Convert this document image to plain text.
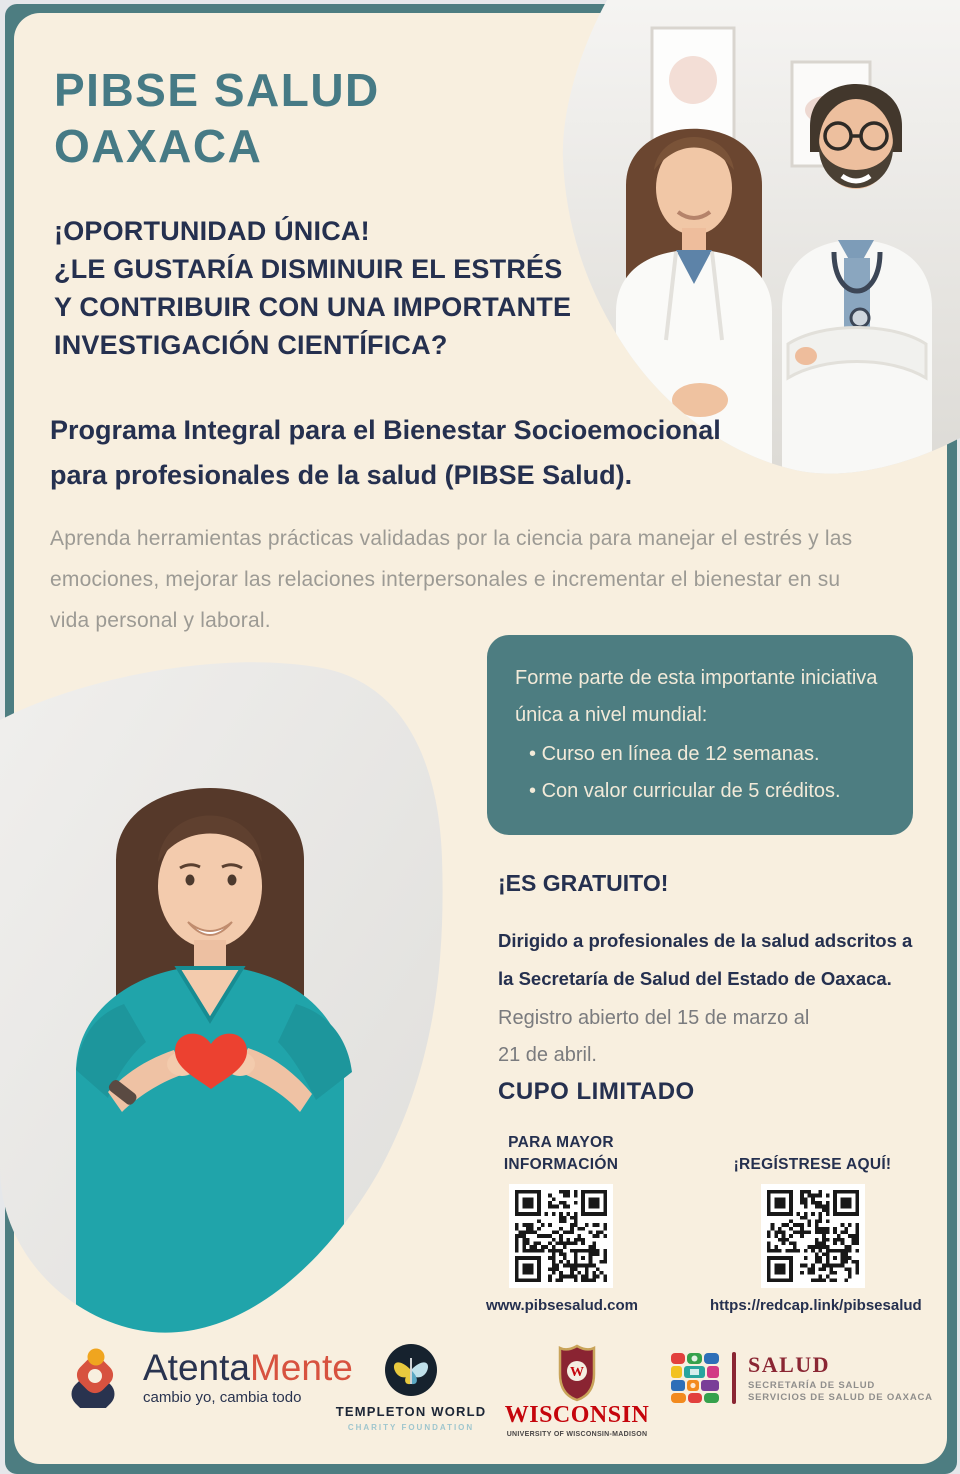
PIBSE SALUD
OAXACA
¡OPORTUNIDAD ÚNICA!
¿LE GUSTARÍA DISMINUIR EL ESTRÉS
Y CONTRIBUIR CON UNA IMPORTANTE
INVESTIGACIÓN CIENTÍFICA?
Programa Integral para el Bienestar Socioemocional
para profesionales de la salud (PIBSE Salud).
Aprenda herramientas prácticas validadas por la ciencia para manejar el estrés y las
emociones, mejorar las relaciones interpersonales e incrementar el bienestar en su
vida personal y laboral.
Forme parte de esta importante iniciativa
única a nivel mundial:
• Curso en línea de 12 semanas.
• Con valor curricular de 5 créditos.
¡ES GRATUITO!
Dirigido a profesionales de la salud adscritos a
la Secretaría de Salud del Estado de Oaxaca.
Registro abierto del 15 de marzo al
21 de abril.
CUPO LIMITADO
PARA MAYOR
INFORMACIÓN
www.pibsesalud.com
¡REGÍSTRESE AQUÍ!
https://redcap.link/pibsesalud
AtentaMente
cambio yo, cambia todo
TEMPLETON WORLD
CHARITY FOUNDATION
W
WISCONSIN
UNIVERSITY OF WISCONSIN-MADISON
SALUD
SECRETARÍA DE SALUD
SERVICIOS DE SALUD DE OAXACA
